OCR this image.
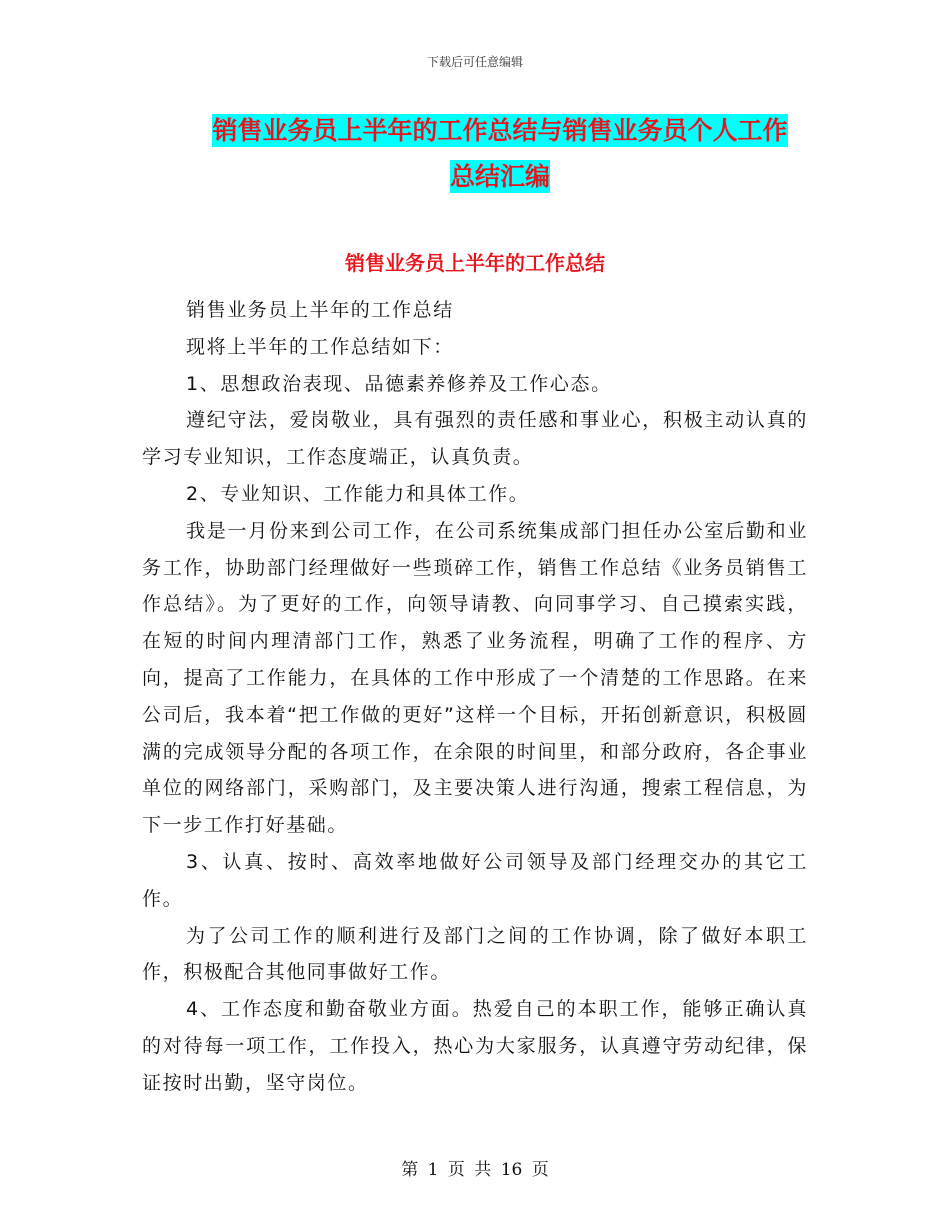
下载后可任意编辑
销售业务员上半年的工作总结与销售业务员个人工作
总结汇编
销售业务员上半年的工作总结

销售业务员上半年的工作总结

现将上半年的工作总结如下：

1、思想政治表现、品德素养修养及工作心态。

遵纪守法，爱岗敬业，具有强烈的责任感和事业心，积极主动认真的学习专业知识，工作态度端正，认真负责。

2、专业知识、工作能力和具体工作。

我是一月份来到公司工作，在公司系统集成部门担任办公室后勤和业务工作，协助部门经理做好一些琐碎工作，销售工作总结《业务员销售工作总结》。为了更好的工作，向领导请教、向同事学习、自己摸索实践，在短的时间内理清部门工作，熟悉了业务流程，明确了工作的程序、方向，提高了工作能力，在具体的工作中形成了一个清楚的工作思路。在来公司后，我本着“把工作做的更好”这样一个目标，开拓创新意识，积极圆满的完成领导分配的各项工作，在余限的时间里，和部分政府，各企事业单位的网络部门，采购部门，及主要决策人进行沟通，搜索工程信息，为下一步工作打好基础。

3、认真、按时、高效率地做好公司领导及部门经理交办的其它工作。

为了公司工作的顺利进行及部门之间的工作协调，除了做好本职工作，积极配合其他同事做好工作。

4、工作态度和勤奋敬业方面。热爱自己的本职工作，能够正确认真的对待每一项工作，工作投入，热心为大家服务，认真遵守劳动纪律，保证按时出勤，坚守岗位。

第 1 页 共 16 页
